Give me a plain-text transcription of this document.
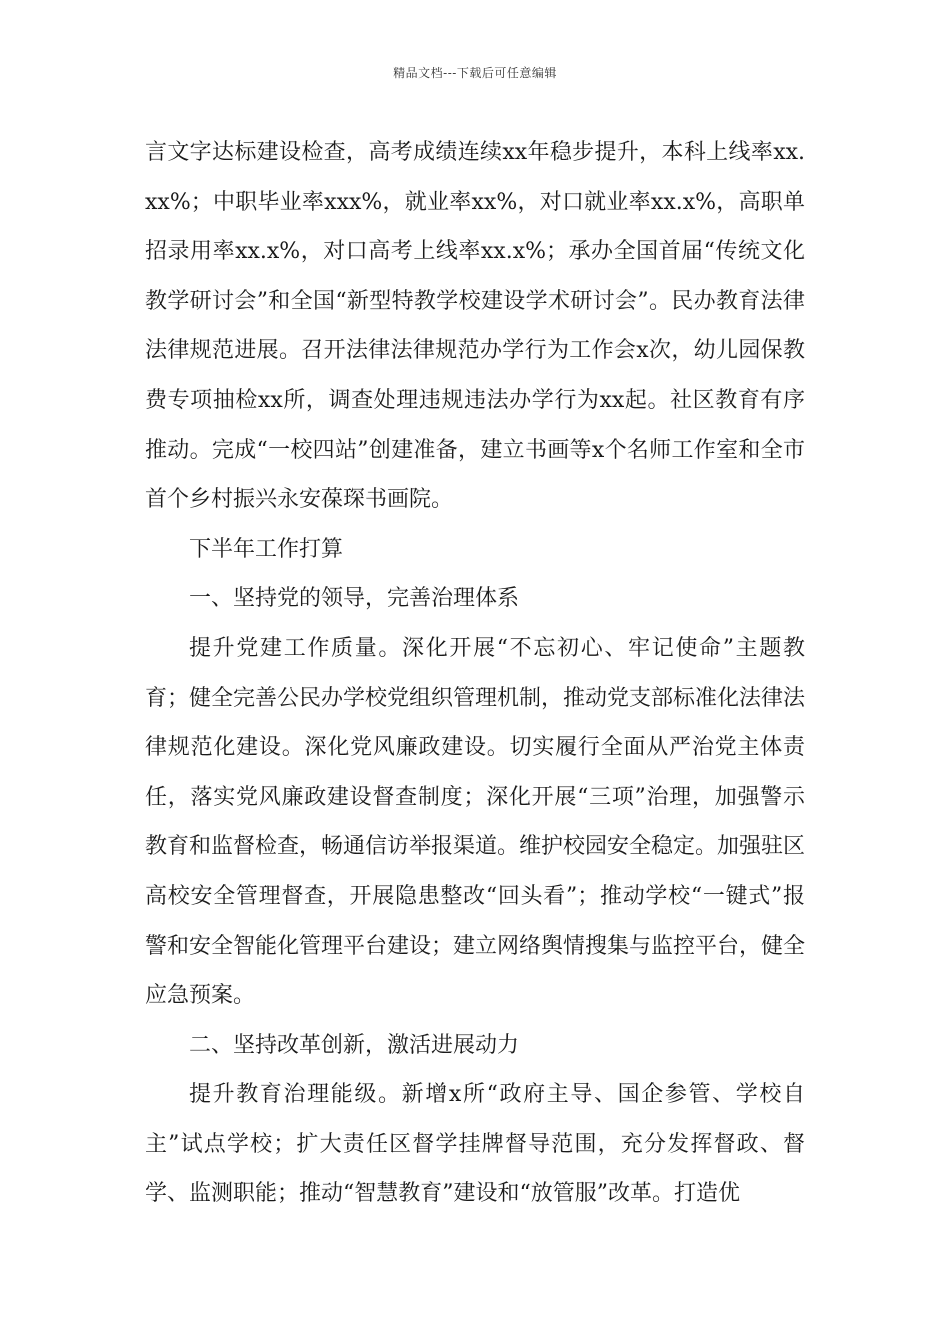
精品文档---下载后可任意编辑

言文字达标建设检查，高考成绩连续xx年稳步提升，本科上线率xx.xx%；中职毕业率xxx%，就业率xx%，对口就业率xx.x%，高职单招录用率xx.x%，对口高考上线率xx.x%；承办全国首届“传统文化教学研讨会”和全国“新型特教学校建设学术研讨会”。民办教育法律法律规范进展。召开法律法律规范办学行为工作会x次，幼儿园保教费专项抽检xx所，调查处理违规违法办学行为xx起。社区教育有序推动。完成“一校四站”创建准备，建立书画等x个名师工作室和全市首个乡村振兴永安葆琛书画院。

下半年工作打算

一、坚持党的领导，完善治理体系

提升党建工作质量。深化开展“不忘初心、牢记使命”主题教育；健全完善公民办学校党组织管理机制，推动党支部标准化法律法律规范化建设。深化党风廉政建设。切实履行全面从严治党主体责任，落实党风廉政建设督查制度；深化开展“三项”治理，加强警示教育和监督检查，畅通信访举报渠道。维护校园安全稳定。加强驻区高校安全管理督查，开展隐患整改“回头看”；推动学校“一键式”报警和安全智能化管理平台建设；建立网络舆情搜集与监控平台，健全应急预案。

二、坚持改革创新，激活进展动力

提升教育治理能级。新增x所“政府主导、国企参管、学校自主”试点学校；扩大责任区督学挂牌督导范围，充分发挥督政、督学、监测职能；推动“智慧教育”建设和“放管服”改革。打造优
